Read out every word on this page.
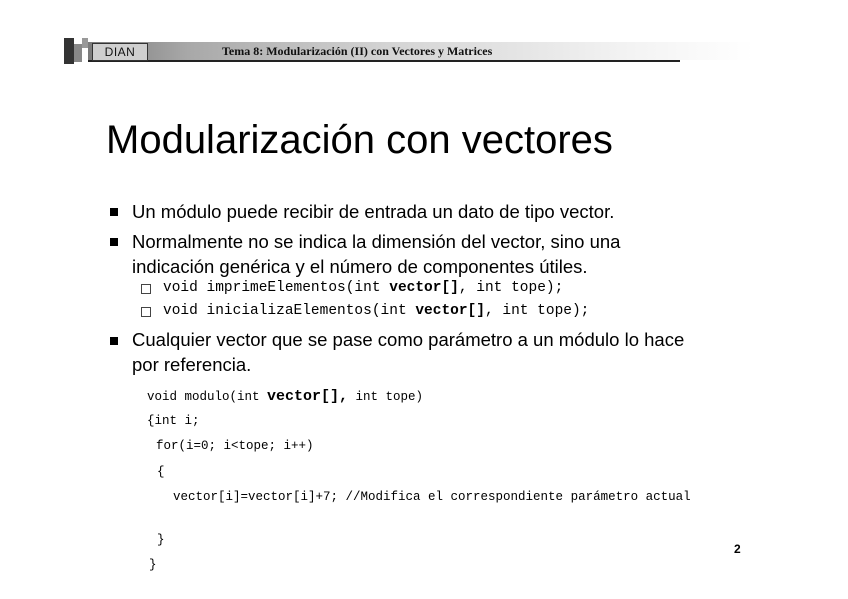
DIAN	Tema 8: Modularización (II) con Vectores y Matrices
Modularización con vectores
Un módulo puede recibir de entrada un dato de tipo vector.
Normalmente no se indica la dimensión del vector, sino una
indicación genérica y el número de componentes útiles.
void imprimeElementos(int vector[], int tope);
void inicializaElementos(int vector[], int tope);
Cualquier vector que se pase como parámetro a un módulo lo hace
por referencia.
void modulo(int vector[], int tope)
{int i;
for(i=0; i<tope; i++)
{
vector[i]=vector[i]+7; //Modifica el correspondiente parámetro actual
}
}
2
